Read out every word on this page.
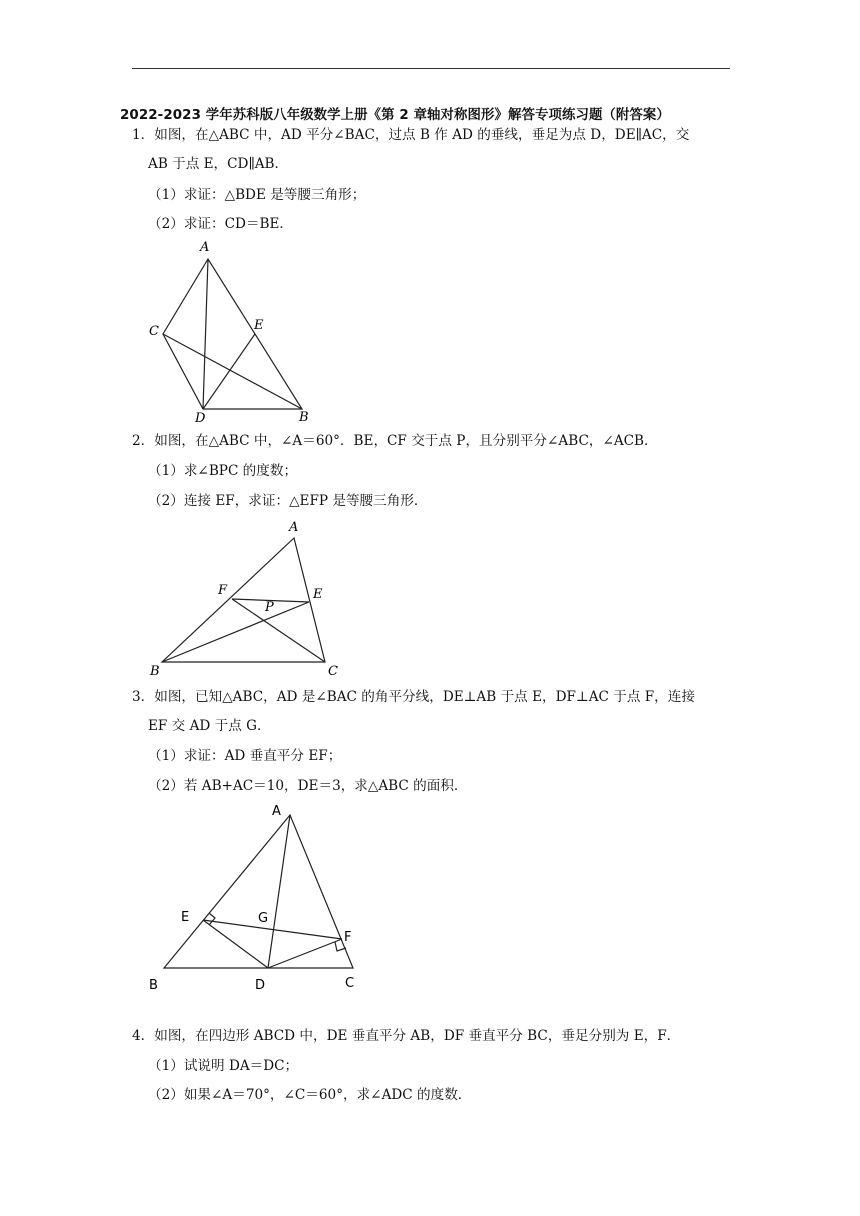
2022-2023 学年苏科版八年级数学上册《第 2 章轴对称图形》解答专项练习题（附答案）
1．如图，在△ABC 中，AD 平分∠BAC，过点 B 作 AD 的垂线，垂足为点 D，DE∥AC，交
AB 于点 E，CD∥AB．
（1）求证：△BDE 是等腰三角形；
（2）求证：CD＝BE．
A
C	E
D	B
2．如图，在△ABC 中，∠A＝60°．BE，CF 交于点 P，且分别平分∠ABC，∠ACB．
（1）求∠BPC 的度数；
（2）连接 EF，求证：△EFP 是等腰三角形．
A
F
P
E
B	C
3．如图，已知△ABC，AD 是∠BAC 的角平分线，DE⊥AB 于点 E，DF⊥AC 于点 F，连接
EF 交 AD 于点 G．
（1）求证：AD 垂直平分 EF；
（2）若 AB+AC＝10，DE＝3，求△ABC 的面积．
A
E	G
F
B	D	C
4．如图，在四边形 ABCD 中，DE 垂直平分 AB，DF 垂直平分 BC，垂足分别为 E，F．
（1）试说明 DA＝DC；
（2）如果∠A＝70°，∠C＝60°，求∠ADC 的度数．
